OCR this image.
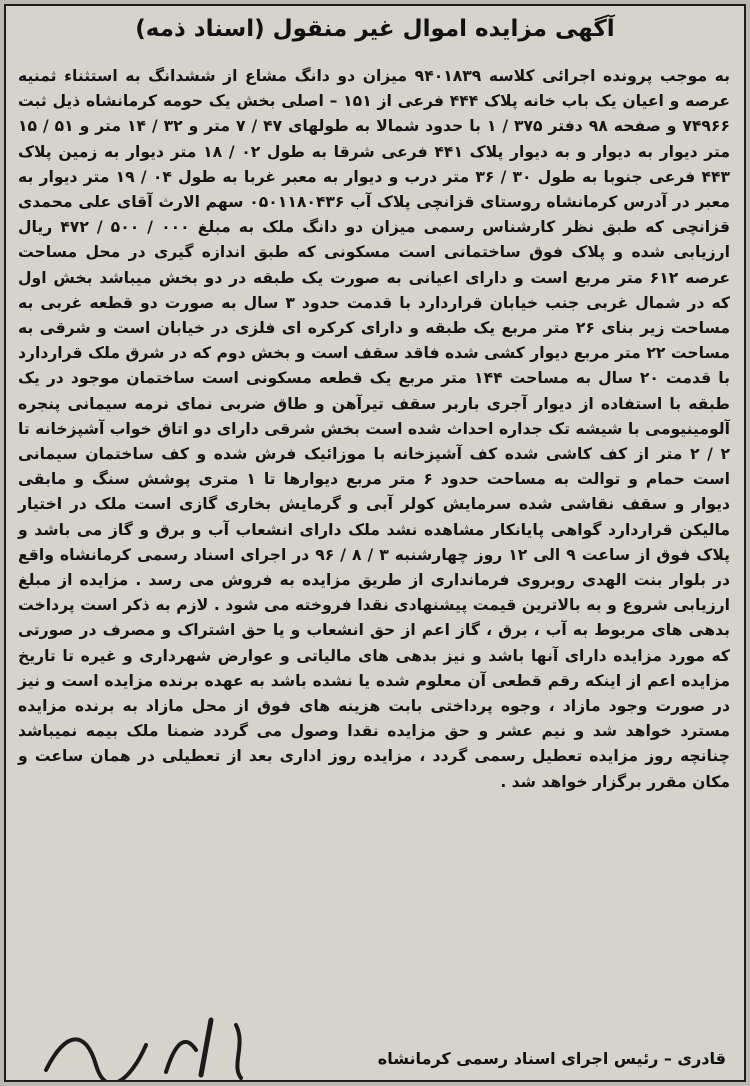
آگهی مزایده اموال غیر منقول (اسناد ذمه)
به موجب پرونده اجرائی کلاسه ۹۴۰۱۸۳۹ میزان دو دانگ مشاع از ششدانگ به استثناء ثمنیه عرصه و اعیان یک باب خانه پلاک ۴۴۴ فرعی از ۱۵۱ – اصلی بخش یک حومه کرمانشاه ذیل ثبت ۷۴۹۶۶ و صفحه ۹۸ دفتر ۳۷۵ / ۱ با حدود شمالا به طولهای ۴۷ / ۷ متر و ۳۲ / ۱۴ متر و ۵۱ / ۱۵ متر دیوار به دیوار و به دیوار پلاک ۴۴۱ فرعی شرقا به طول ۰۲ / ۱۸ متر دیوار به زمین پلاک ۴۴۳ فرعی جنوبا به طول ۳۰ / ۳۶ متر درب و دیوار به معبر غربا به طول ۰۴ / ۱۹ متر دیوار به معبر در آدرس کرمانشاه روستای قزانچی پلاک آب ۰۵۰۱۱۸۰۴۳۶ سهم الارث آقای علی محمدی قزانچی که طبق نظر کارشناس رسمی میزان دو دانگ ملک به مبلغ ۰۰۰ / ۵۰۰ / ۴۷۲ ریال ارزیابی شده و پلاک فوق ساختمانی است مسکونی که طبق اندازه گیری در محل مساحت عرصه ۶۱۲ متر مربع است و دارای اعیانی به صورت یک طبقه در دو بخش میباشد بخش اول که در شمال غربی جنب خیابان قراردارد با قدمت حدود ۳ سال به صورت دو قطعه غربی به مساحت زیر بنای ۲۶ متر مربع یک طبقه و دارای کرکره ای فلزی در خیابان است و شرقی به مساحت ۲۲ متر مربع دیوار کشی شده فاقد سقف است و بخش دوم که در شرق ملک قراردارد با قدمت ۲۰ سال به مساحت ۱۴۴ متر مربع یک قطعه مسکونی است ساختمان موجود در یک طبقه با استفاده از دیوار آجری باربر سقف تیرآهن و طاق ضربی نمای نرمه سیمانی پنجره آلومینیومی با شیشه تک جداره احداث شده است بخش شرقی دارای دو اتاق خواب آشپزخانه تا ۲ / ۲ متر از کف کاشی شده کف آشپزخانه با موزائیک فرش شده و کف ساختمان سیمانی است حمام و توالت به مساحت حدود ۶ متر مربع دیوارها تا ۱ متری پوشش سنگ و مابقی دیوار و سقف نقاشی شده سرمایش کولر آبی و گرمایش بخاری گازی است ملک در اختیار مالیکن قراردارد گواهی پایانکار مشاهده نشد ملک دارای انشعاب آب و برق و گاز می باشد و پلاک فوق از ساعت ۹ الی ۱۲ روز چهارشنبه ۳ / ۸ / ۹۶ در اجرای اسناد رسمی کرمانشاه واقع در بلوار بنت الهدی روبروی فرمانداری از طریق مزایده به فروش می رسد . مزایده از مبلغ ارزیابی شروع و به بالاترین قیمت پیشنهادی نقدا فروخته می شود . لازم به ذکر است پرداخت بدهی های مربوط به آب ، برق ، گاز اعم از حق انشعاب و یا حق اشتراک و مصرف در صورتی که مورد مزایده دارای آنها باشد و نیز بدهی های مالیاتی و عوارض شهرداری و غیره تا تاریخ مزایده اعم از اینکه رقم قطعی آن معلوم شده یا نشده باشد به عهده برنده مزایده است و نیز در صورت وجود مازاد ، وجوه پرداختی بابت هزینه های فوق از محل مازاد به برنده مزایده مسترد خواهد شد و نیم عشر و حق مزایده نقدا وصول می گردد ضمنا ملک بیمه نمیباشد چنانچه روز مزایده تعطیل رسمی گردد ، مزایده روز اداری بعد از تعطیلی در همان ساعت و مکان مقرر برگزار خواهد شد .
قادری – رئیس اجرای اسناد رسمی کرمانشاه
